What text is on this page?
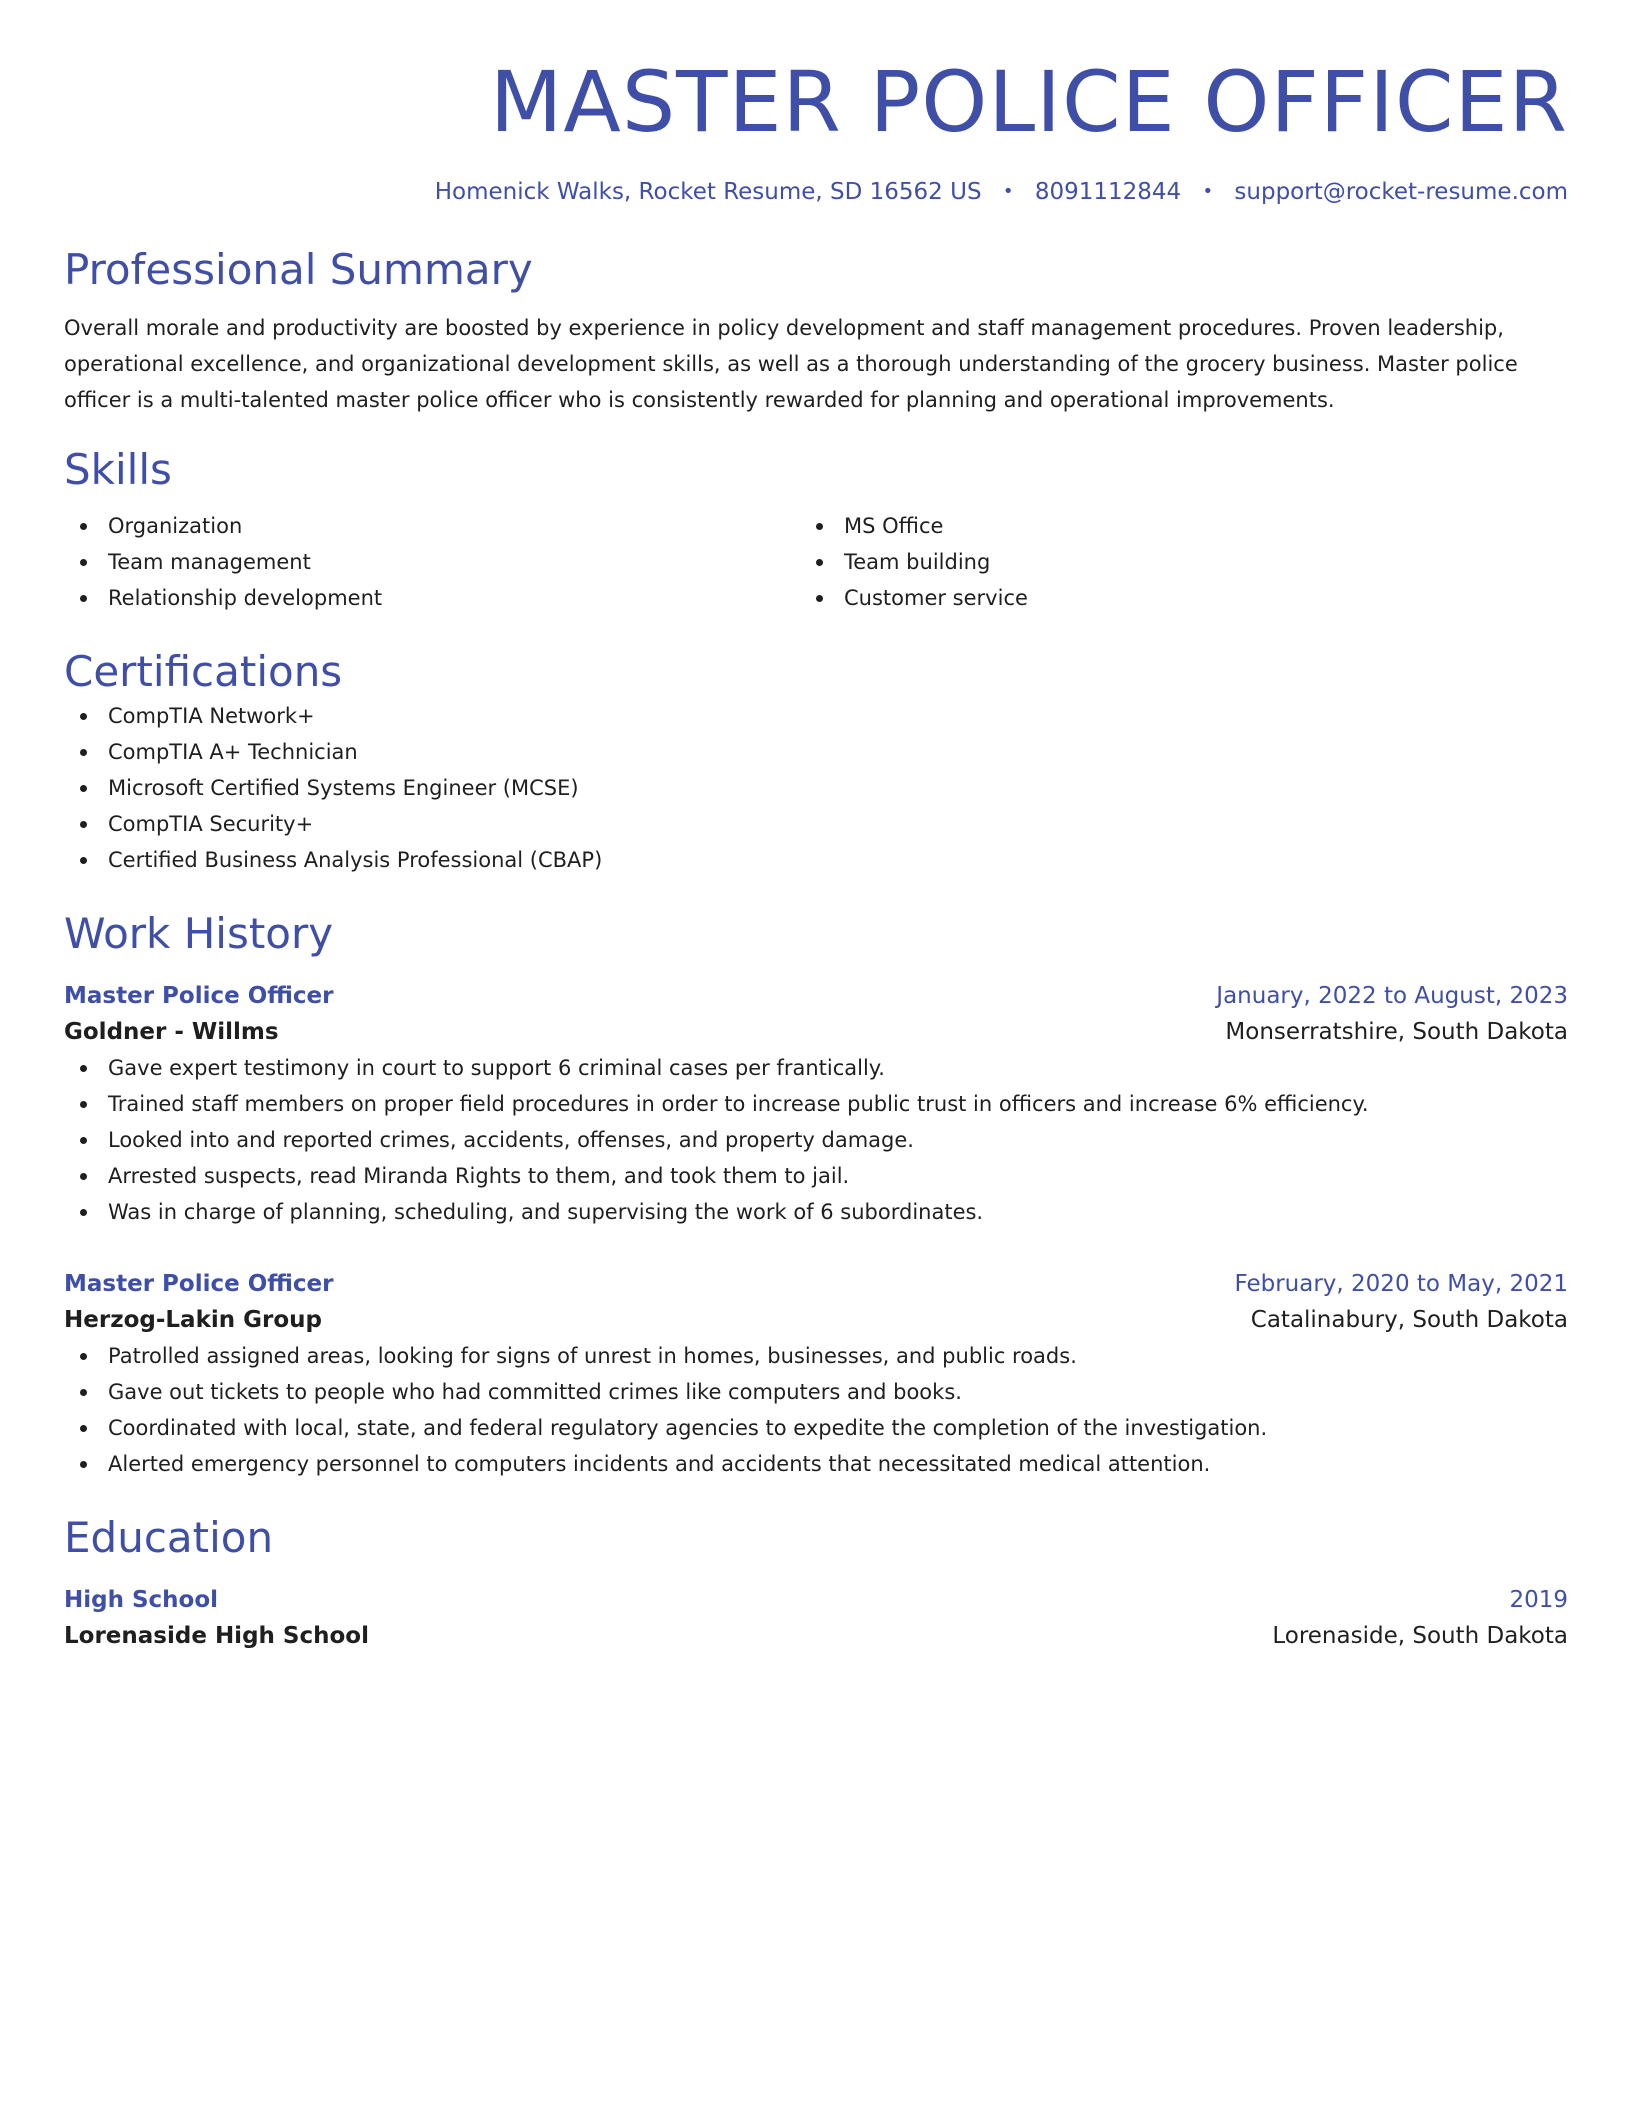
MASTER POLICE OFFICER
Homenick Walks, Rocket Resume, SD 16562 US • 8091112844 • support@rocket-resume.com
Professional Summary

Overall morale and productivity are boosted by experience in policy development and staff management procedures. Proven leadership, operational excellence, and organizational development skills, as well as a thorough understanding of the grocery business. Master police officer is a multi-talented master police officer who is consistently rewarded for planning and operational improvements.

Skills
Organization
Team management
Relationship development
MS Office
Team building
Customer service
Certifications
CompTIA Network+
CompTIA A+ Technician
Microsoft Certified Systems Engineer (MCSE)
CompTIA Security+
Certified Business Analysis Professional (CBAP)
Work History
Master Police Officer	January, 2022 to August, 2023
Goldner - Willms	Monserratshire, South Dakota
Gave expert testimony in court to support 6 criminal cases per frantically.
Trained staff members on proper field procedures in order to increase public trust in officers and increase 6% efficiency.
Looked into and reported crimes, accidents, offenses, and property damage.
Arrested suspects, read Miranda Rights to them, and took them to jail.
Was in charge of planning, scheduling, and supervising the work of 6 subordinates.
Master Police Officer	February, 2020 to May, 2021
Herzog-Lakin Group	Catalinabury, South Dakota
Patrolled assigned areas, looking for signs of unrest in homes, businesses, and public roads.
Gave out tickets to people who had committed crimes like computers and books.
Coordinated with local, state, and federal regulatory agencies to expedite the completion of the investigation.
Alerted emergency personnel to computers incidents and accidents that necessitated medical attention.
Education
High School	2019
Lorenaside High School	Lorenaside, South Dakota
